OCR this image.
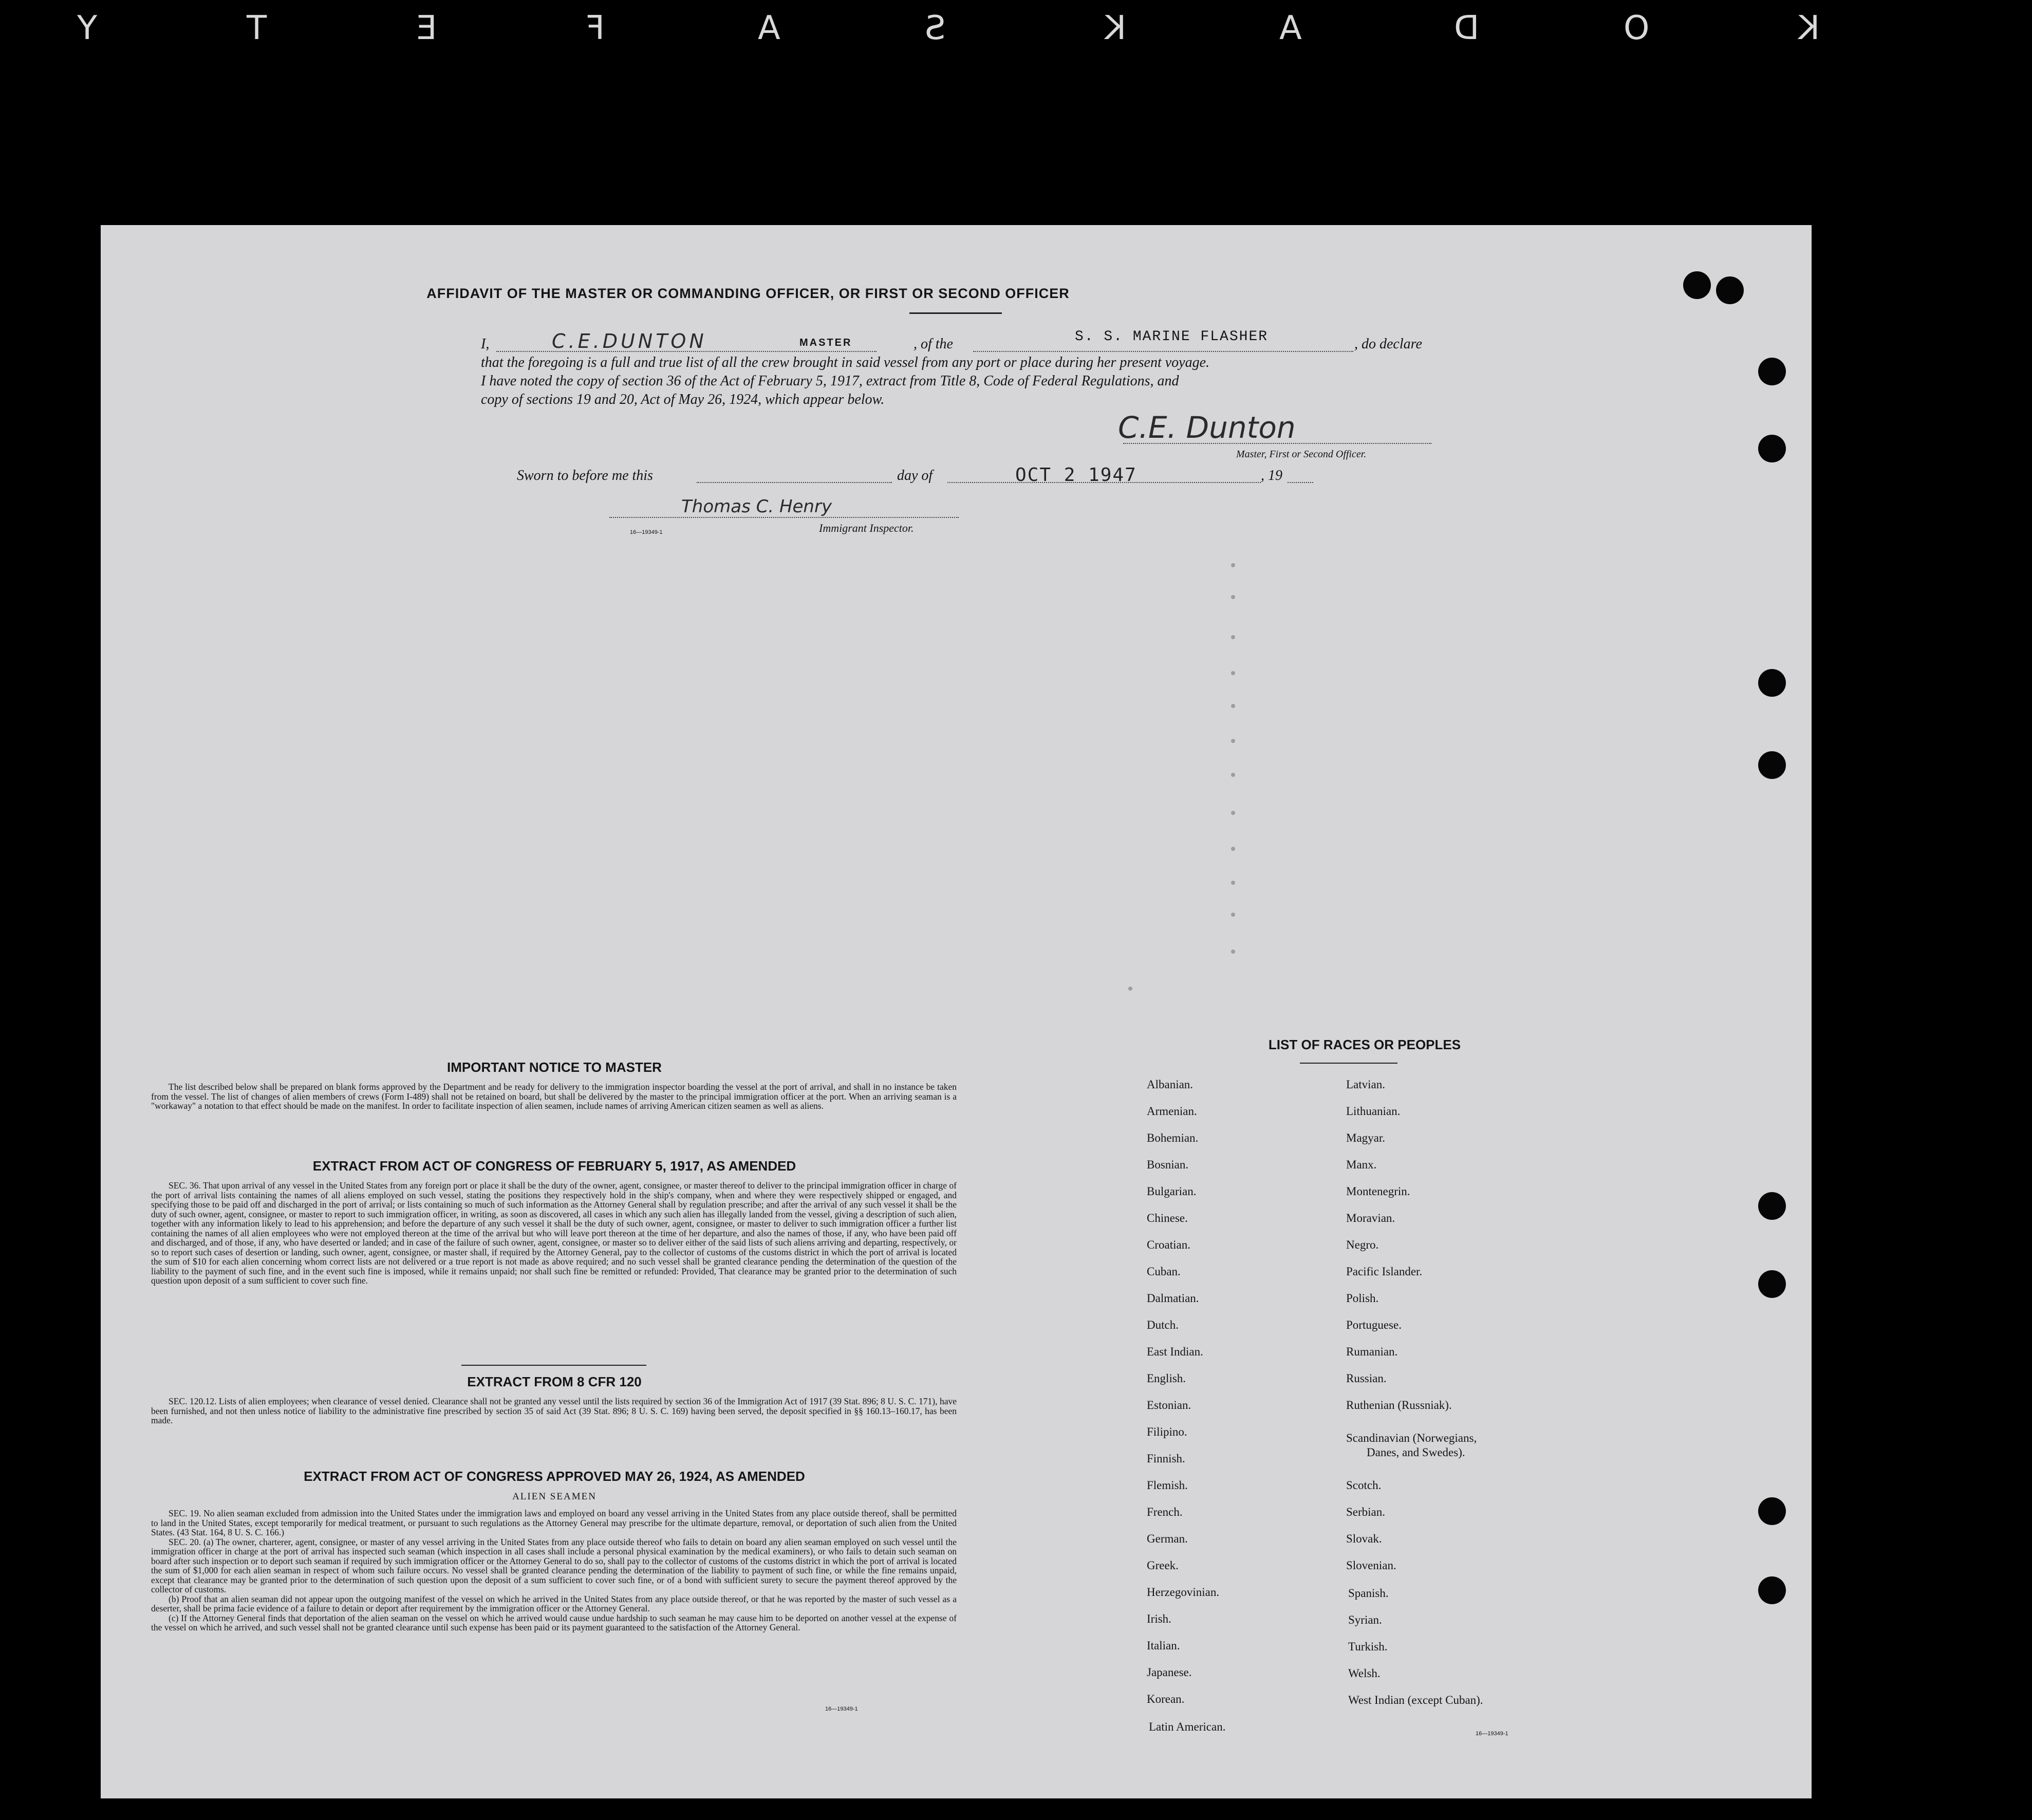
Y	T	E	F	A	S	K	A	D	O	K
AFFIDAVIT OF THE MASTER OR COMMANDING OFFICER, OR FIRST OR SECOND OFFICER
I,	C.E.DUNTON	MASTER	, of the	S. S. MARINE FLASHER	, do declare
that the foregoing is a full and true list of all the crew brought in said vessel from any port or place during her present voyage.
I have noted the copy of section 36 of the Act of February 5, 1917, extract from Title 8, Code of Federal Regulations, and
copy of sections 19 and 20, Act of May 26, 1924, which appear below.
C.E. Dunton
Master, First or Second Officer.
Sworn to before me this	day of	OCT 2 1947	, 19
Thomas C. Henry
16—19349-1	Immigrant Inspector.
IMPORTANT NOTICE TO MASTER

The list described below shall be prepared on blank forms approved by the Department and be ready for delivery to the immigration inspector boarding the vessel at the port of arrival, and shall in no instance be taken from the vessel. The list of changes of alien members of crews (Form I-489) shall not be retained on board, but shall be delivered by the master to the principal immigration officer at the port. When an arriving seaman is a "workaway" a notation to that effect should be made on the manifest. In order to facilitate inspection of alien seamen, include names of arriving American citizen seamen as well as aliens.

EXTRACT FROM ACT OF CONGRESS OF FEBRUARY 5, 1917, AS AMENDED

SEC. 36. That upon arrival of any vessel in the United States from any foreign port or place it shall be the duty of the owner, agent, consignee, or master thereof to deliver to the principal immigration officer in charge of the port of arrival lists containing the names of all aliens employed on such vessel, stating the positions they respectively hold in the ship's company, when and where they were respectively shipped or engaged, and specifying those to be paid off and discharged in the port of arrival; or lists containing so much of such information as the Attorney General shall by regulation prescribe; and after the arrival of any such vessel it shall be the duty of such owner, agent, consignee, or master to report to such immigration officer, in writing, as soon as discovered, all cases in which any such alien has illegally landed from the vessel, giving a description of such alien, together with any information likely to lead to his apprehension; and before the departure of any such vessel it shall be the duty of such owner, agent, consignee, or master to deliver to such immigration officer a further list containing the names of all alien employees who were not employed thereon at the time of the arrival but who will leave port thereon at the time of her departure, and also the names of those, if any, who have been paid off and discharged, and of those, if any, who have deserted or landed; and in case of the failure of such owner, agent, consignee, or master so to deliver either of the said lists of such aliens arriving and departing, respectively, or so to report such cases of desertion or landing, such owner, agent, consignee, or master shall, if required by the Attorney General, pay to the collector of customs of the customs district in which the port of arrival is located the sum of $10 for each alien concerning whom correct lists are not delivered or a true report is not made as above required; and no such vessel shall be granted clearance pending the determination of the question of the liability to the payment of such fine, and in the event such fine is imposed, while it remains unpaid; nor shall such fine be remitted or refunded: Provided, That clearance may be granted prior to the determination of such question upon deposit of a sum sufficient to cover such fine.

EXTRACT FROM 8 CFR 120

SEC. 120.12. Lists of alien employees; when clearance of vessel denied. Clearance shall not be granted any vessel until the lists required by section 36 of the Immigration Act of 1917 (39 Stat. 896; 8 U. S. C. 171), have been furnished, and not then unless notice of liability to the administrative fine prescribed by section 35 of said Act (39 Stat. 896; 8 U. S. C. 169) having been served, the deposit specified in §§ 160.13–160.17, has been made.

EXTRACT FROM ACT OF CONGRESS APPROVED MAY 26, 1924, AS AMENDED
ALIEN SEAMEN

SEC. 19. No alien seaman excluded from admission into the United States under the immigration laws and employed on board any vessel arriving in the United States from any place outside thereof, shall be permitted to land in the United States, except temporarily for medical treatment, or pursuant to such regulations as the Attorney General may prescribe for the ultimate departure, removal, or deportation of such alien from the United States. (43 Stat. 164, 8 U. S. C. 166.)

SEC. 20. (a) The owner, charterer, agent, consignee, or master of any vessel arriving in the United States from any place outside thereof who fails to detain on board any alien seaman employed on such vessel until the immigration officer in charge at the port of arrival has inspected such seaman (which inspection in all cases shall include a personal physical examination by the medical examiners), or who fails to detain such seaman on board after such inspection or to deport such seaman if required by such immigration officer or the Attorney General to do so, shall pay to the collector of customs of the customs district in which the port of arrival is located the sum of $1,000 for each alien seaman in respect of whom such failure occurs. No vessel shall be granted clearance pending the determination of the liability to payment of such fine, or while the fine remains unpaid, except that clearance may be granted prior to the determination of such question upon the deposit of a sum sufficient to cover such fine, or of a bond with sufficient surety to secure the payment thereof approved by the collector of customs.

(b) Proof that an alien seaman did not appear upon the outgoing manifest of the vessel on which he arrived in the United States from any place outside thereof, or that he was reported by the master of such vessel as a deserter, shall be prima facie evidence of a failure to detain or deport after requirement by the immigration officer or the Attorney General.

(c) If the Attorney General finds that deportation of the alien seaman on the vessel on which he arrived would cause undue hardship to such seaman he may cause him to be deported on another vessel at the expense of the vessel on which he arrived, and such vessel shall not be granted clearance until such expense has been paid or its payment guaranteed to the satisfaction of the Attorney General.

16—19349-1
LIST OF RACES OR PEOPLES
Albanian.
Armenian.
Bohemian.
Bosnian.
Bulgarian.
Chinese.
Croatian.
Cuban.
Dalmatian.
Dutch.
East Indian.
English.
Estonian.
Filipino.
Finnish.
Flemish.
French.
German.
Greek.
Herzegovinian.
Irish.
Italian.
Japanese.
Korean.
Latin American.
Latvian.
Lithuanian.
Magyar.
Manx.
Montenegrin.
Moravian.
Negro.
Pacific Islander.
Polish.
Portuguese.
Rumanian.
Russian.
Ruthenian (Russniak).
Scandinavian (Norwegians,
Danes, and Swedes).
Scotch.
Serbian.
Slovak.
Slovenian.
Spanish.
Syrian.
Turkish.
Welsh.
West Indian (except Cuban).
16—19349-1
